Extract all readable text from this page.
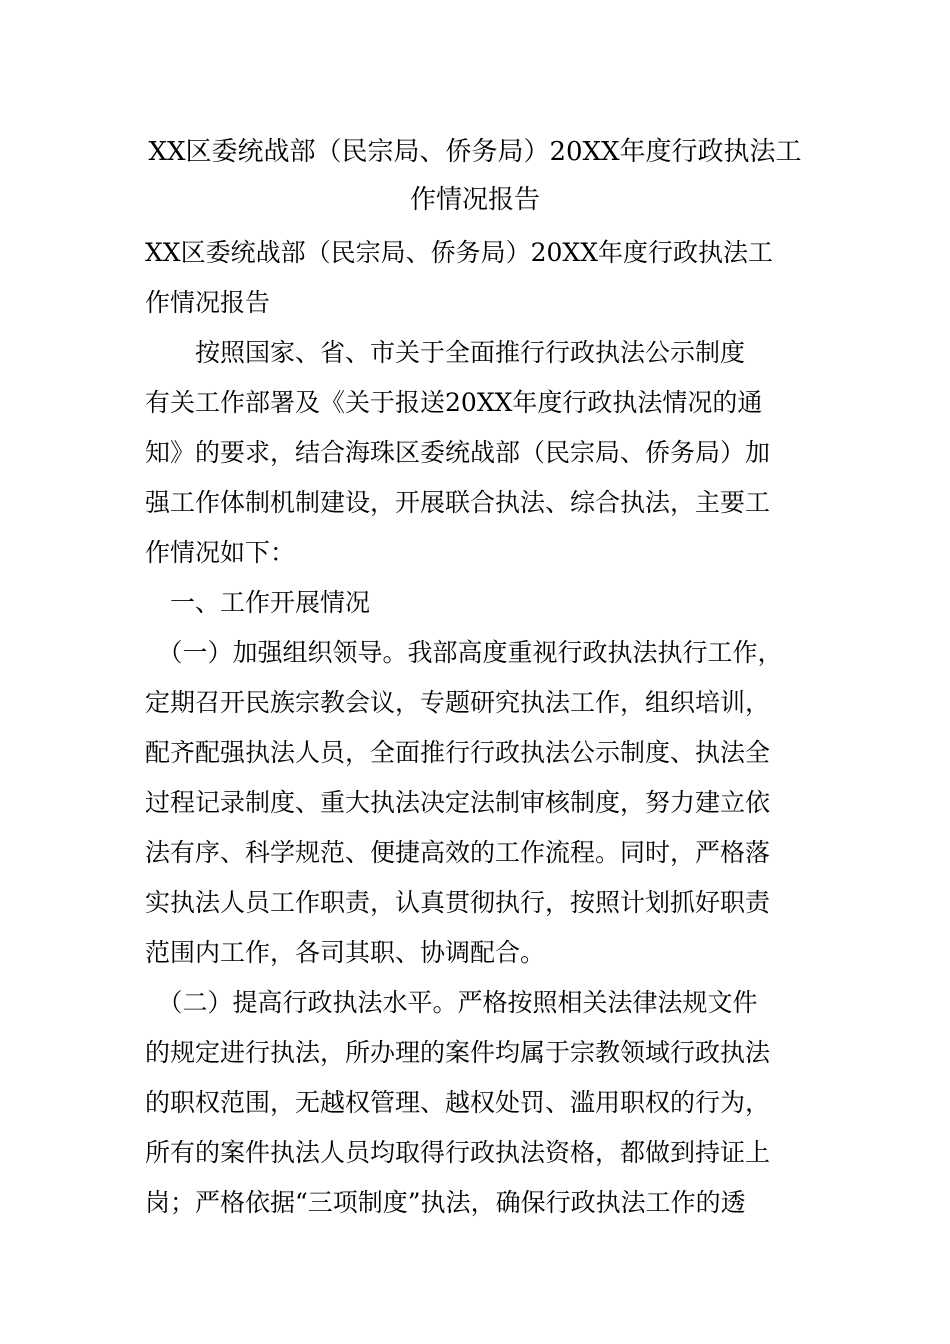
XX区委统战部（民宗局、侨务局）20XX年度行政执法工
作情况报告
XX区委统战部（民宗局、侨务局）20XX年度行政执法工
作情况报告
　　按照国家、省、市关于全面推行行政执法公示制度
有关工作部署及《关于报送20XX年度行政执法情况的通
知》的要求，结合海珠区委统战部（民宗局、侨务局）加
强工作体制机制建设，开展联合执法、综合执法，主要工
作情况如下：
　一、工作开展情况
　（一）加强组织领导。我部高度重视行政执法执行工作，
定期召开民族宗教会议，专题研究执法工作，组织培训，
配齐配强执法人员，全面推行行政执法公示制度、执法全
过程记录制度、重大执法决定法制审核制度，努力建立依
法有序、科学规范、便捷高效的工作流程。同时，严格落
实执法人员工作职责，认真贯彻执行，按照计划抓好职责
范围内工作，各司其职、协调配合。
　（二）提高行政执法水平。严格按照相关法律法规文件
的规定进行执法，所办理的案件均属于宗教领域行政执法
的职权范围，无越权管理、越权处罚、滥用职权的行为，
所有的案件执法人员均取得行政执法资格，都做到持证上
岗；严格依据“三项制度”执法，确保行政执法工作的透
